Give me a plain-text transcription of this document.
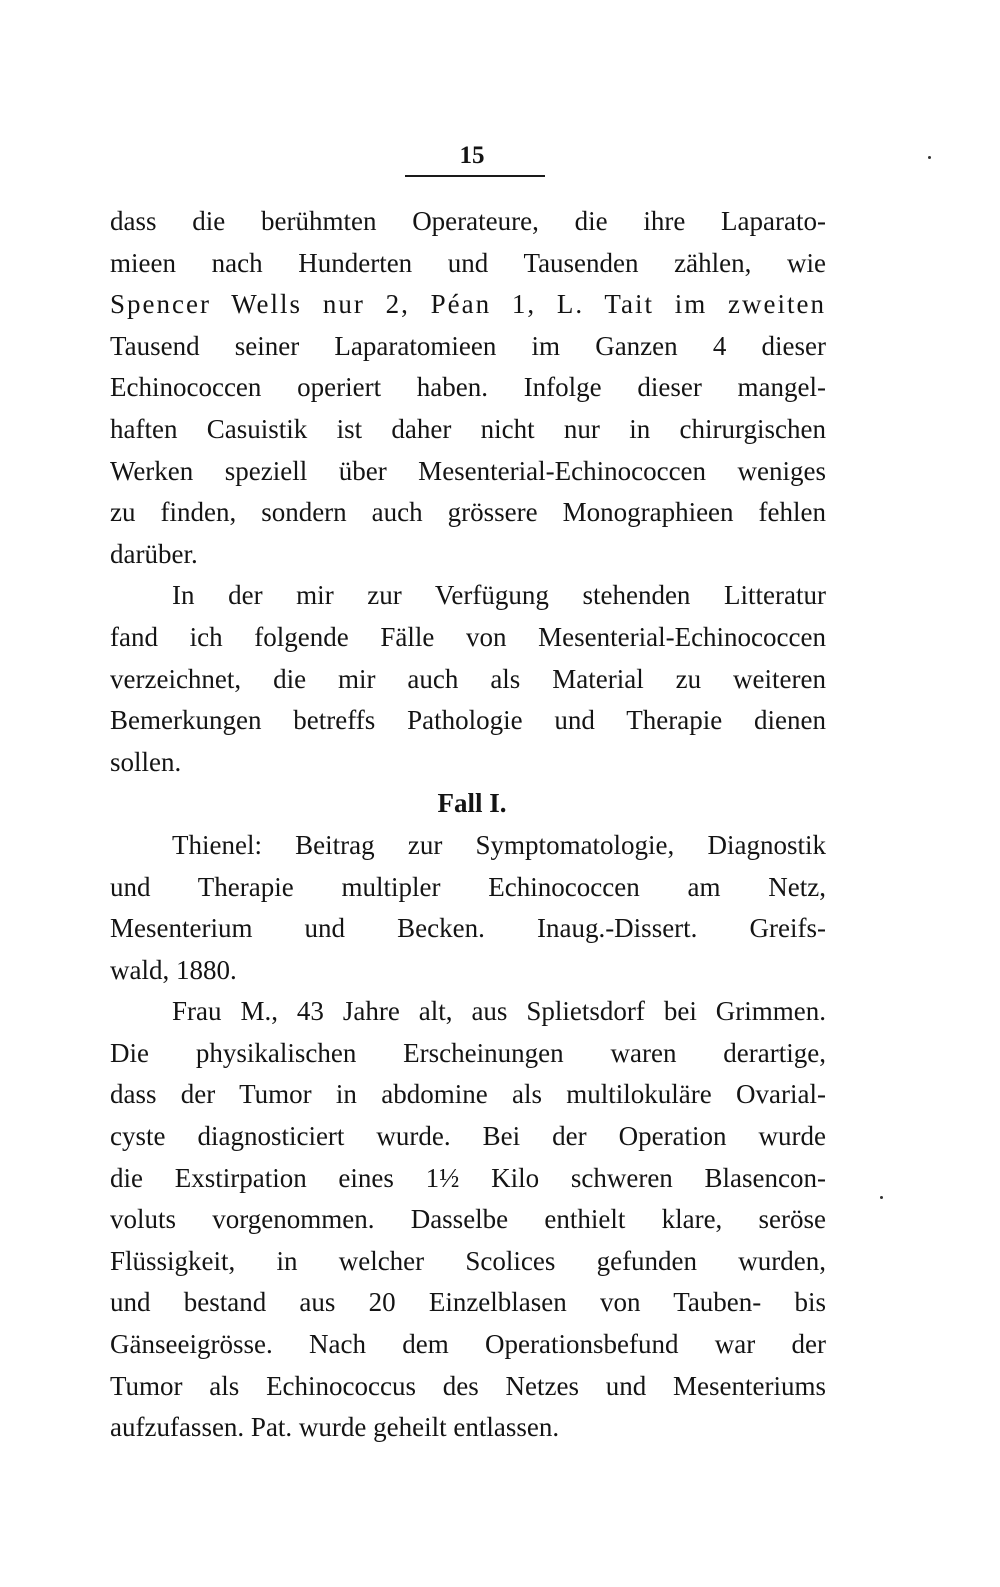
15

dass die berühmten Operateure, die ihre Laparato-
mieen nach Hunderten und Tausenden zählen, wie
Spencer Wells nur 2, Péan 1, L. Tait im zweiten
Tausend seiner Laparatomieen im Ganzen 4 dieser
Echinococcen operiert haben. Infolge dieser mangel-
haften Casuistik ist daher nicht nur in chirurgischen
Werken speziell über Mesenterial-Echinococcen weniges
zu finden, sondern auch grössere Monographieen fehlen
darüber.

In der mir zur Verfügung stehenden Litteratur
fand ich folgende Fälle von Mesenterial-Echinococcen
verzeichnet, die mir auch als Material zu weiteren
Bemerkungen betreffs Pathologie und Therapie dienen
sollen.

Fall I.

Thienel: Beitrag zur Symptomatologie, Diagnostik
und Therapie multipler Echinococcen am Netz,
Mesenterium und Becken. Inaug.-Dissert. Greifs-
wald, 1880.

Frau M., 43 Jahre alt, aus Splietsdorf bei Grimmen.
Die physikalischen Erscheinungen waren derartige,
dass der Tumor in abdomine als multilokuläre Ovarial-
cyste diagnosticiert wurde. Bei der Operation wurde
die Exstirpation eines 1½ Kilo schweren Blasencon-
voluts vorgenommen. Dasselbe enthielt klare, seröse
Flüssigkeit, in welcher Scolices gefunden wurden,
und bestand aus 20 Einzelblasen von Tauben- bis
Gänseeigrösse. Nach dem Operationsbefund war der
Tumor als Echinococcus des Netzes und Mesenteriums
aufzufassen. Pat. wurde geheilt entlassen.
